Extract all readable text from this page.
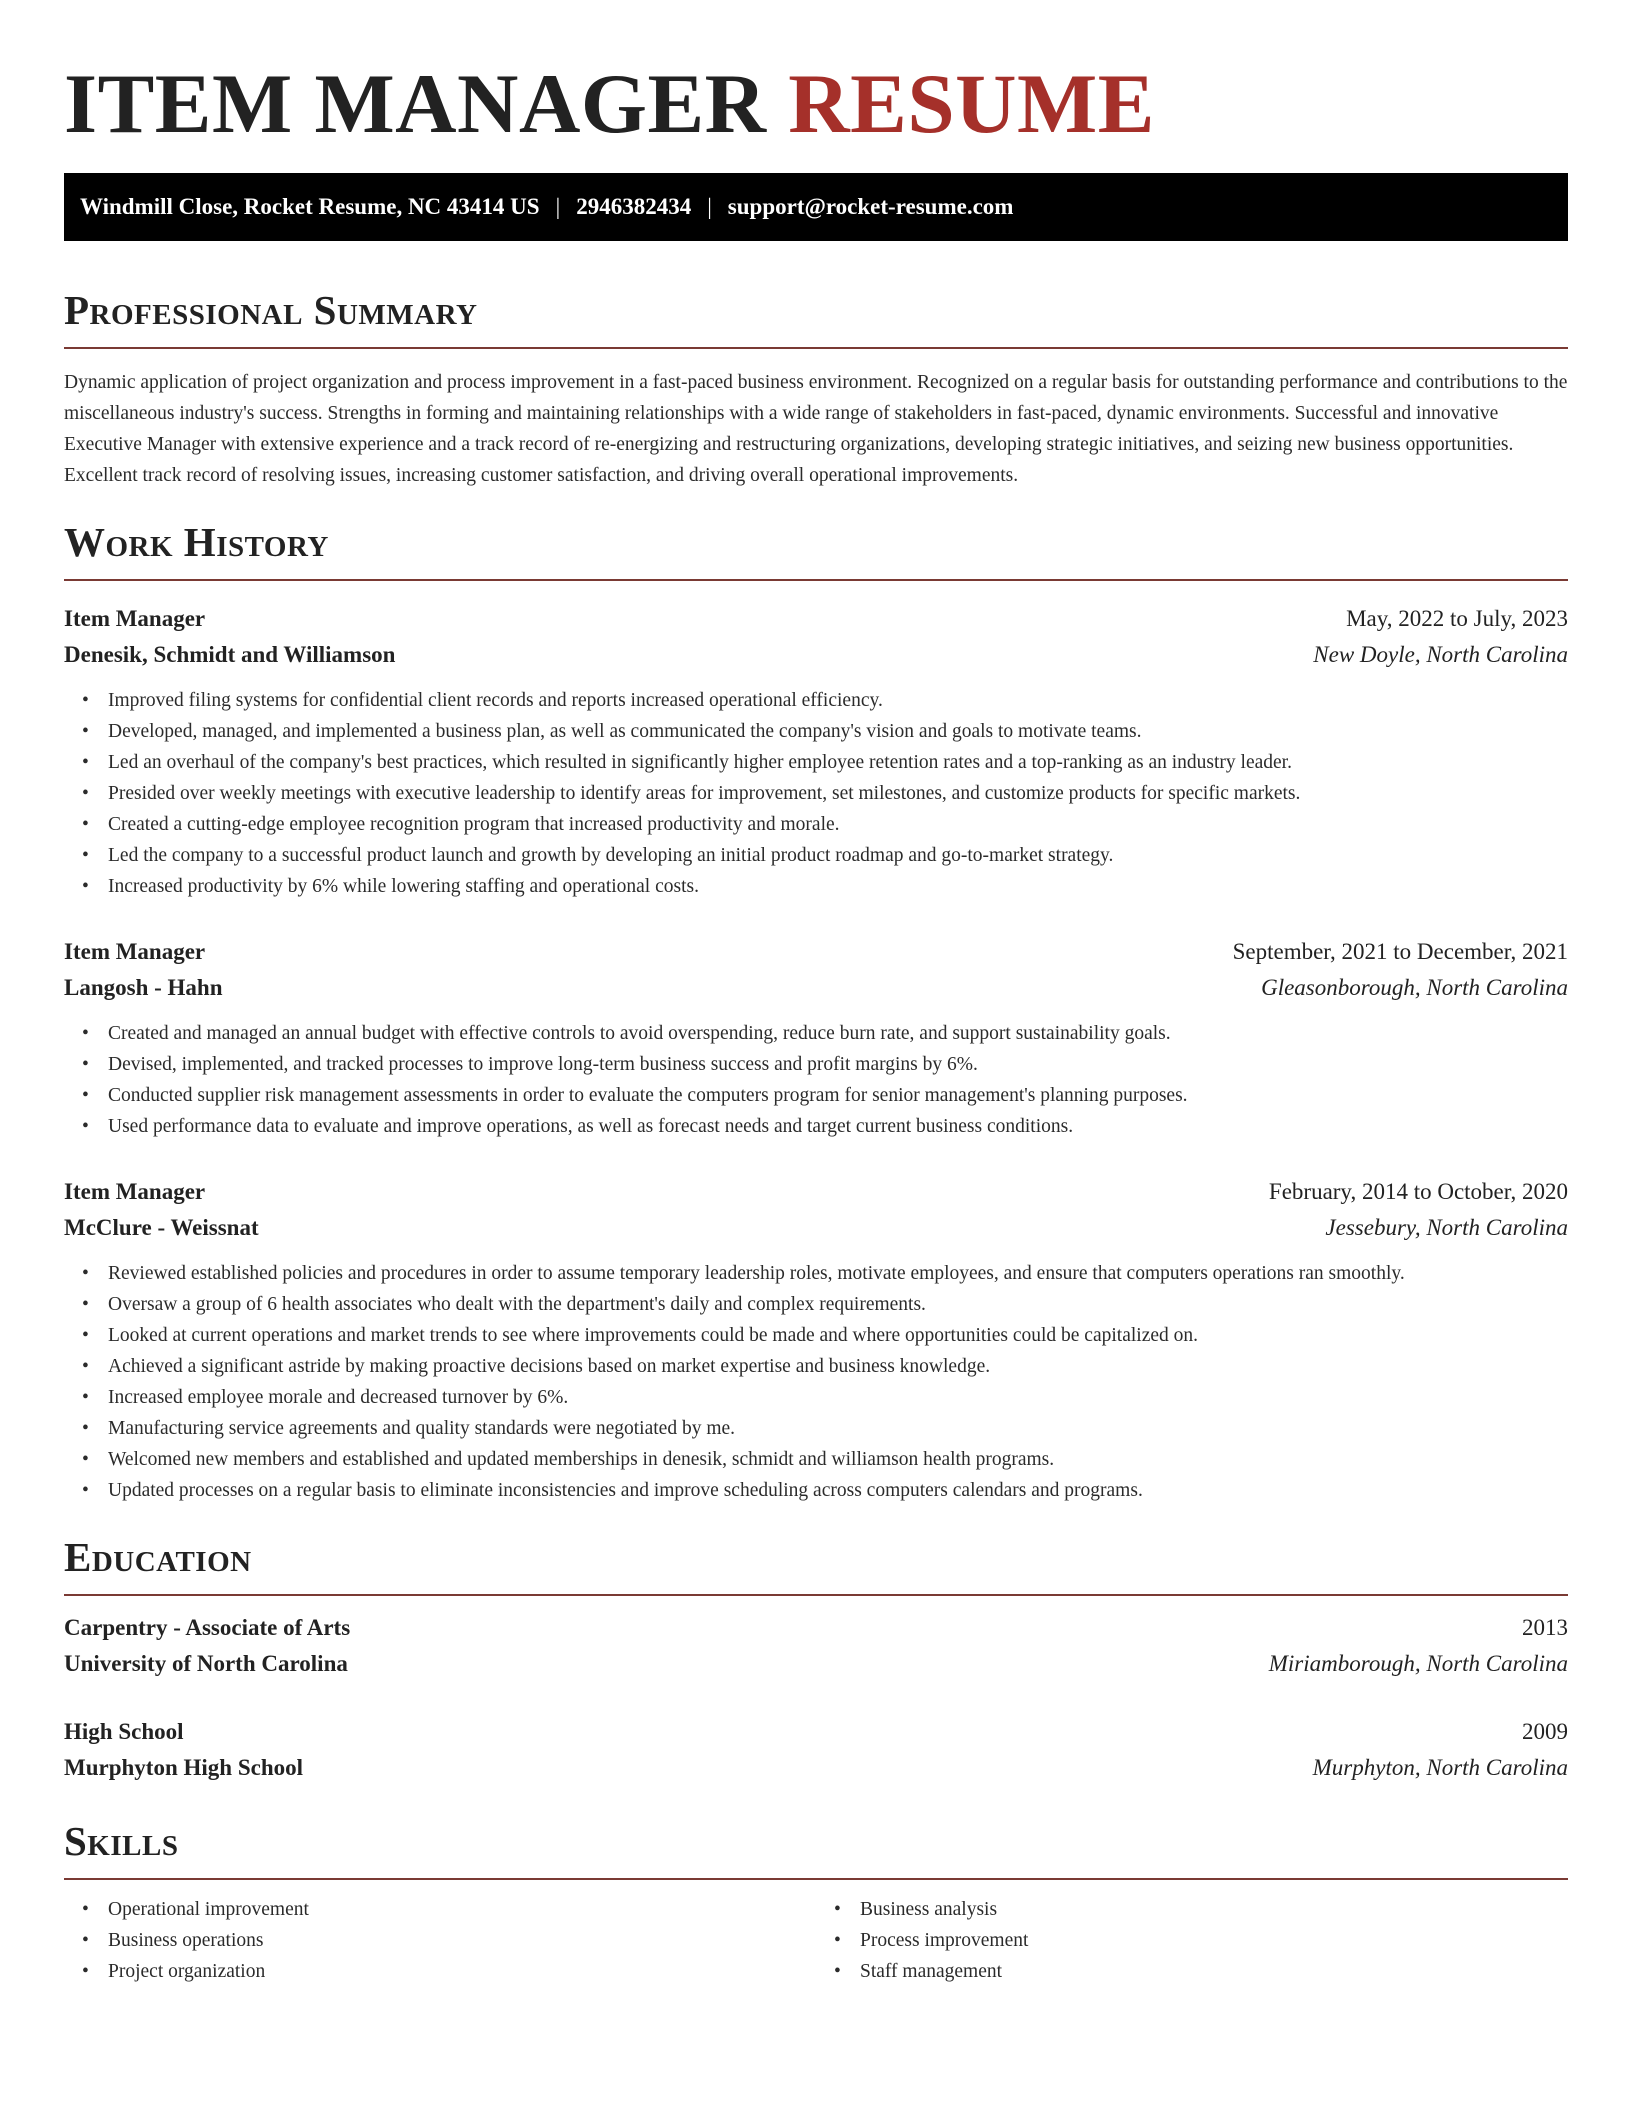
ITEM MANAGER RESUME
Windmill Close, Rocket Resume, NC 43414 US | 2946382434 | support@rocket-resume.com
Professional Summary

Dynamic application of project organization and process improvement in a fast-paced business environment. Recognized on a regular basis for outstanding performance and contributions to the miscellaneous industry's success. Strengths in forming and maintaining relationships with a wide range of stakeholders in fast-paced, dynamic environments. Successful and innovative Executive Manager with extensive experience and a track record of re-energizing and restructuring organizations, developing strategic initiatives, and seizing new business opportunities. Excellent track record of resolving issues, increasing customer satisfaction, and driving overall operational improvements.

Work History
Item Manager	May, 2022 to July, 2023
Denesik, Schmidt and Williamson	New Doyle, North Carolina
• Improved filing systems for confidential client records and reports increased operational efficiency.
• Developed, managed, and implemented a business plan, as well as communicated the company's vision and goals to motivate teams.
• Led an overhaul of the company's best practices, which resulted in significantly higher employee retention rates and a top-ranking as an industry leader.
• Presided over weekly meetings with executive leadership to identify areas for improvement, set milestones, and customize products for specific markets.
• Created a cutting-edge employee recognition program that increased productivity and morale.
• Led the company to a successful product launch and growth by developing an initial product roadmap and go-to-market strategy.
• Increased productivity by 6% while lowering staffing and operational costs.
Item Manager	September, 2021 to December, 2021
Langosh - Hahn	Gleasonborough, North Carolina
• Created and managed an annual budget with effective controls to avoid overspending, reduce burn rate, and support sustainability goals.
• Devised, implemented, and tracked processes to improve long-term business success and profit margins by 6%.
• Conducted supplier risk management assessments in order to evaluate the computers program for senior management's planning purposes.
• Used performance data to evaluate and improve operations, as well as forecast needs and target current business conditions.
Item Manager	February, 2014 to October, 2020
McClure - Weissnat	Jessebury, North Carolina
• Reviewed established policies and procedures in order to assume temporary leadership roles, motivate employees, and ensure that computers operations ran smoothly.
• Oversaw a group of 6 health associates who dealt with the department's daily and complex requirements.
• Looked at current operations and market trends to see where improvements could be made and where opportunities could be capitalized on.
• Achieved a significant astride by making proactive decisions based on market expertise and business knowledge.
• Increased employee morale and decreased turnover by 6%.
• Manufacturing service agreements and quality standards were negotiated by me.
• Welcomed new members and established and updated memberships in denesik, schmidt and williamson health programs.
• Updated processes on a regular basis to eliminate inconsistencies and improve scheduling across computers calendars and programs.
Education
Carpentry - Associate of Arts	2013
University of North Carolina	Miriamborough, North Carolina
High School	2009
Murphyton High School	Murphyton, North Carolina
Skills
• Operational improvement
• Business operations
• Project organization
• Business analysis
• Process improvement
• Staff management
